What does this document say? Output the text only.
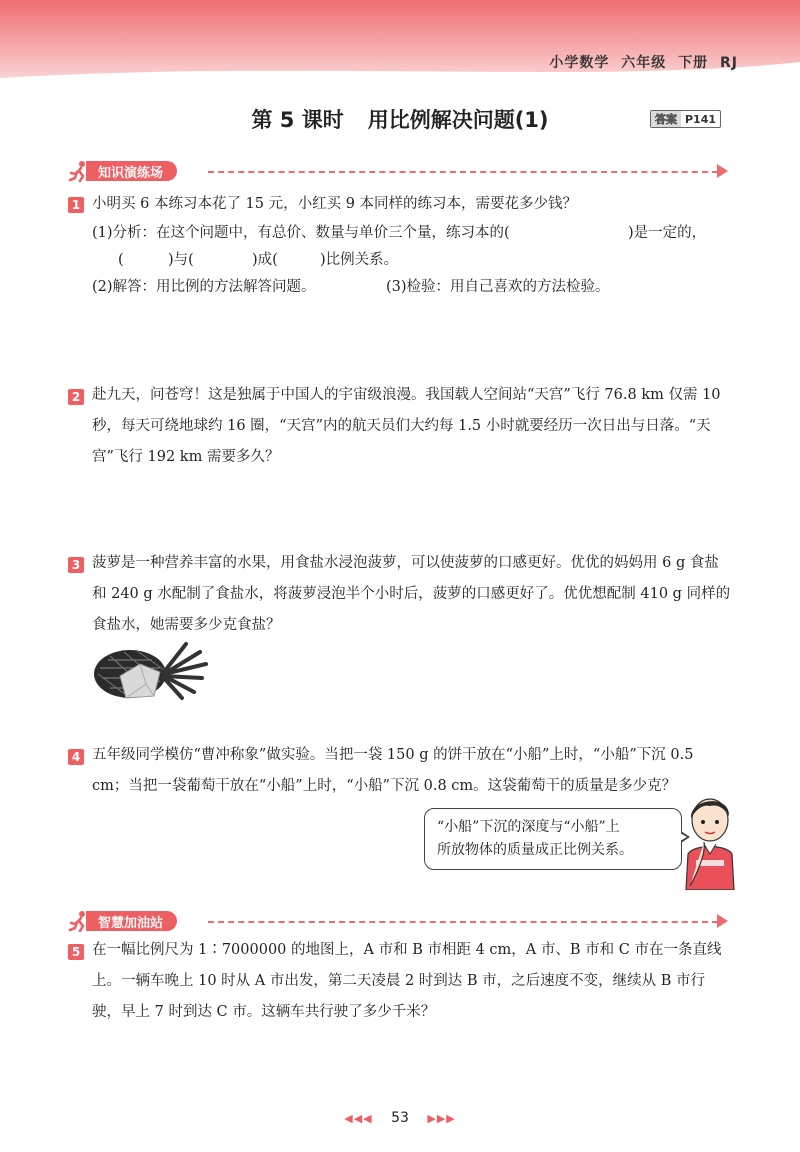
小学数学 六年级 下册 RJ
第 5 课时 用比例解决问题(1)	答案 P141
知识演练场
1 小明买 6 本练习本花了 15 元，小红买 9 本同样的练习本，需要花多少钱？
(1)分析：在这个问题中，有总价、数量与单价三个量，练习本的(	)是一定的，
(	)与(	)成(	)比例关系。
(2)解答：用比例的方法解答问题。	(3)检验：用自己喜欢的方法检验。
2 赴九天，问苍穹！这是独属于中国人的宇宙级浪漫。我国载人空间站“天宫”飞行 76.8 km 仅需 10 秒，每天可绕地球约 16 圈，“天宫”内的航天员们大约每 1.5 小时就要经历一次日出与日落。“天宫”飞行 192 km 需要多久？
3 菠萝是一种营养丰富的水果，用食盐水浸泡菠萝，可以使菠萝的口感更好。优优的妈妈用 6 g 食盐和 240 g 水配制了食盐水，将菠萝浸泡半个小时后，菠萝的口感更好了。优优想配制 410 g 同样的食盐水，她需要多少克食盐？
4 五年级同学模仿“曹冲称象”做实验。当把一袋 150 g 的饼干放在“小船”上时，“小船”下沉 0.5 cm；当把一袋葡萄干放在“小船”上时，“小船”下沉 0.8 cm。这袋葡萄干的质量是多少克？
“小船”下沉的深度与“小船”上
所放物体的质量成正比例关系。
智慧加油站
5 在一幅比例尺为 1∶7000000 的地图上，A 市和 B 市相距 4 cm，A 市、B 市和 C 市在一条直线上。一辆车晚上 10 时从 A 市出发，第二天凌晨 2 时到达 B 市，之后速度不变，继续从 B 市行驶，早上 7 时到达 C 市。这辆车共行驶了多少千米？
◀◀◀ 53 ▶▶▶
